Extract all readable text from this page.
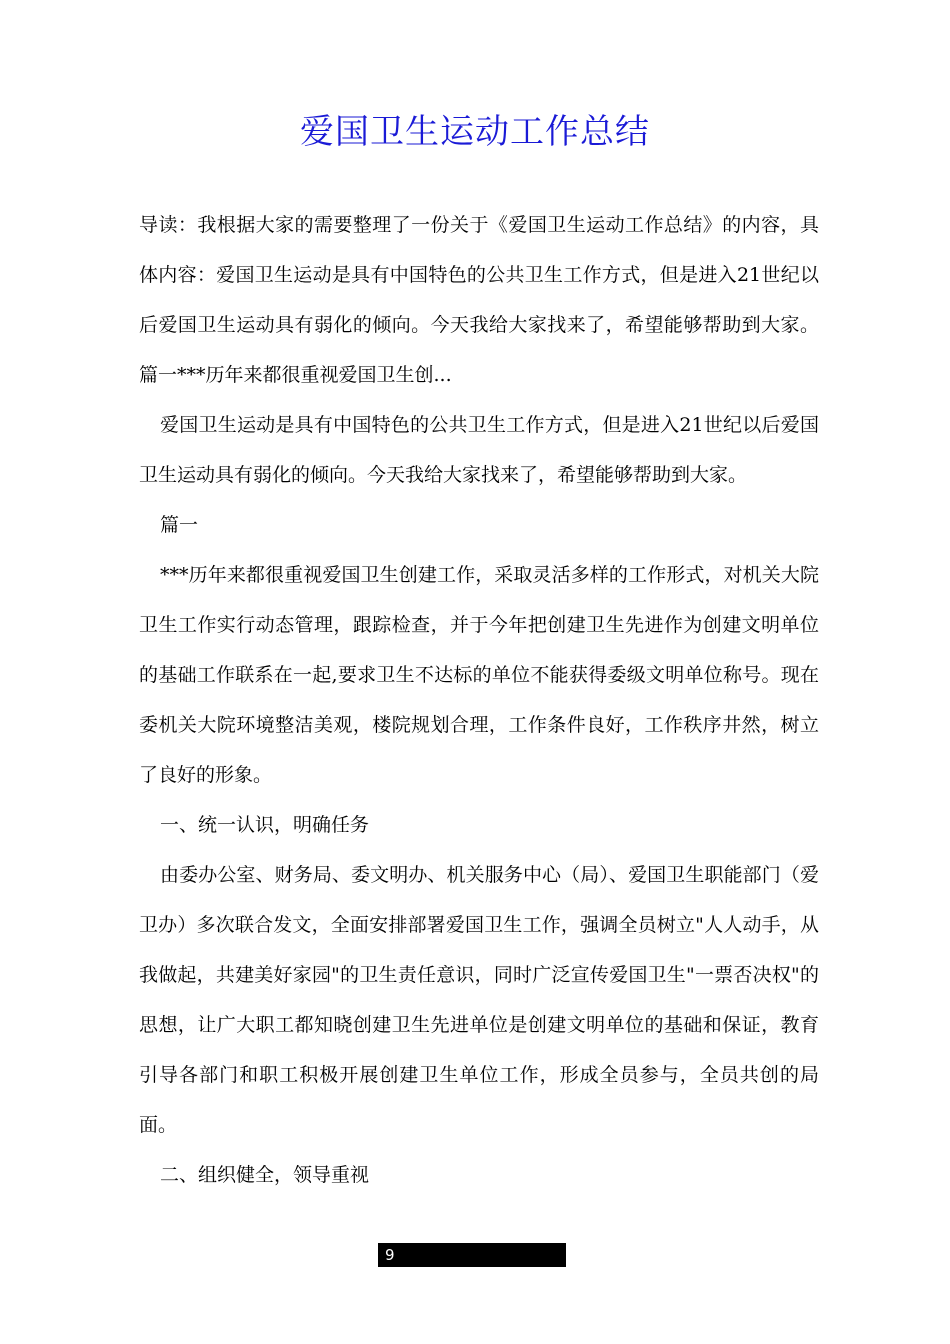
爱国卫生运动工作总结

导读：我根据大家的需要整理了一份关于《爱国卫生运动工作总结》的内容，具体内容：爱国卫生运动是具有中国特色的公共卫生工作方式，但是进入21世纪以后爱国卫生运动具有弱化的倾向。今天我给大家找来了，希望能够帮助到大家。篇一***历年来都很重视爱国卫生创...

爱国卫生运动是具有中国特色的公共卫生工作方式，但是进入21世纪以后爱国卫生运动具有弱化的倾向。今天我给大家找来了，希望能够帮助到大家。

篇一

***历年来都很重视爱国卫生创建工作，采取灵活多样的工作形式，对机关大院卫生工作实行动态管理，跟踪检查，并于今年把创建卫生先进作为创建文明单位的基础工作联系在一起,要求卫生不达标的单位不能获得委级文明单位称号。现在委机关大院环境整洁美观，楼院规划合理，工作条件良好，工作秩序井然，树立了良好的形象。

一、统一认识，明确任务

由委办公室、财务局、委文明办、机关服务中心（局）、爱国卫生职能部门（爱卫办）多次联合发文，全面安排部署爱国卫生工作，强调全员树立"人人动手，从我做起，共建美好家园"的卫生责任意识，同时广泛宣传爱国卫生"一票否决权"的思想，让广大职工都知晓创建卫生先进单位是创建文明单位的基础和保证，教育引导各部门和职工积极开展创建卫生单位工作，形成全员参与，全员共创的局面。

二、组织健全，领导重视

9
